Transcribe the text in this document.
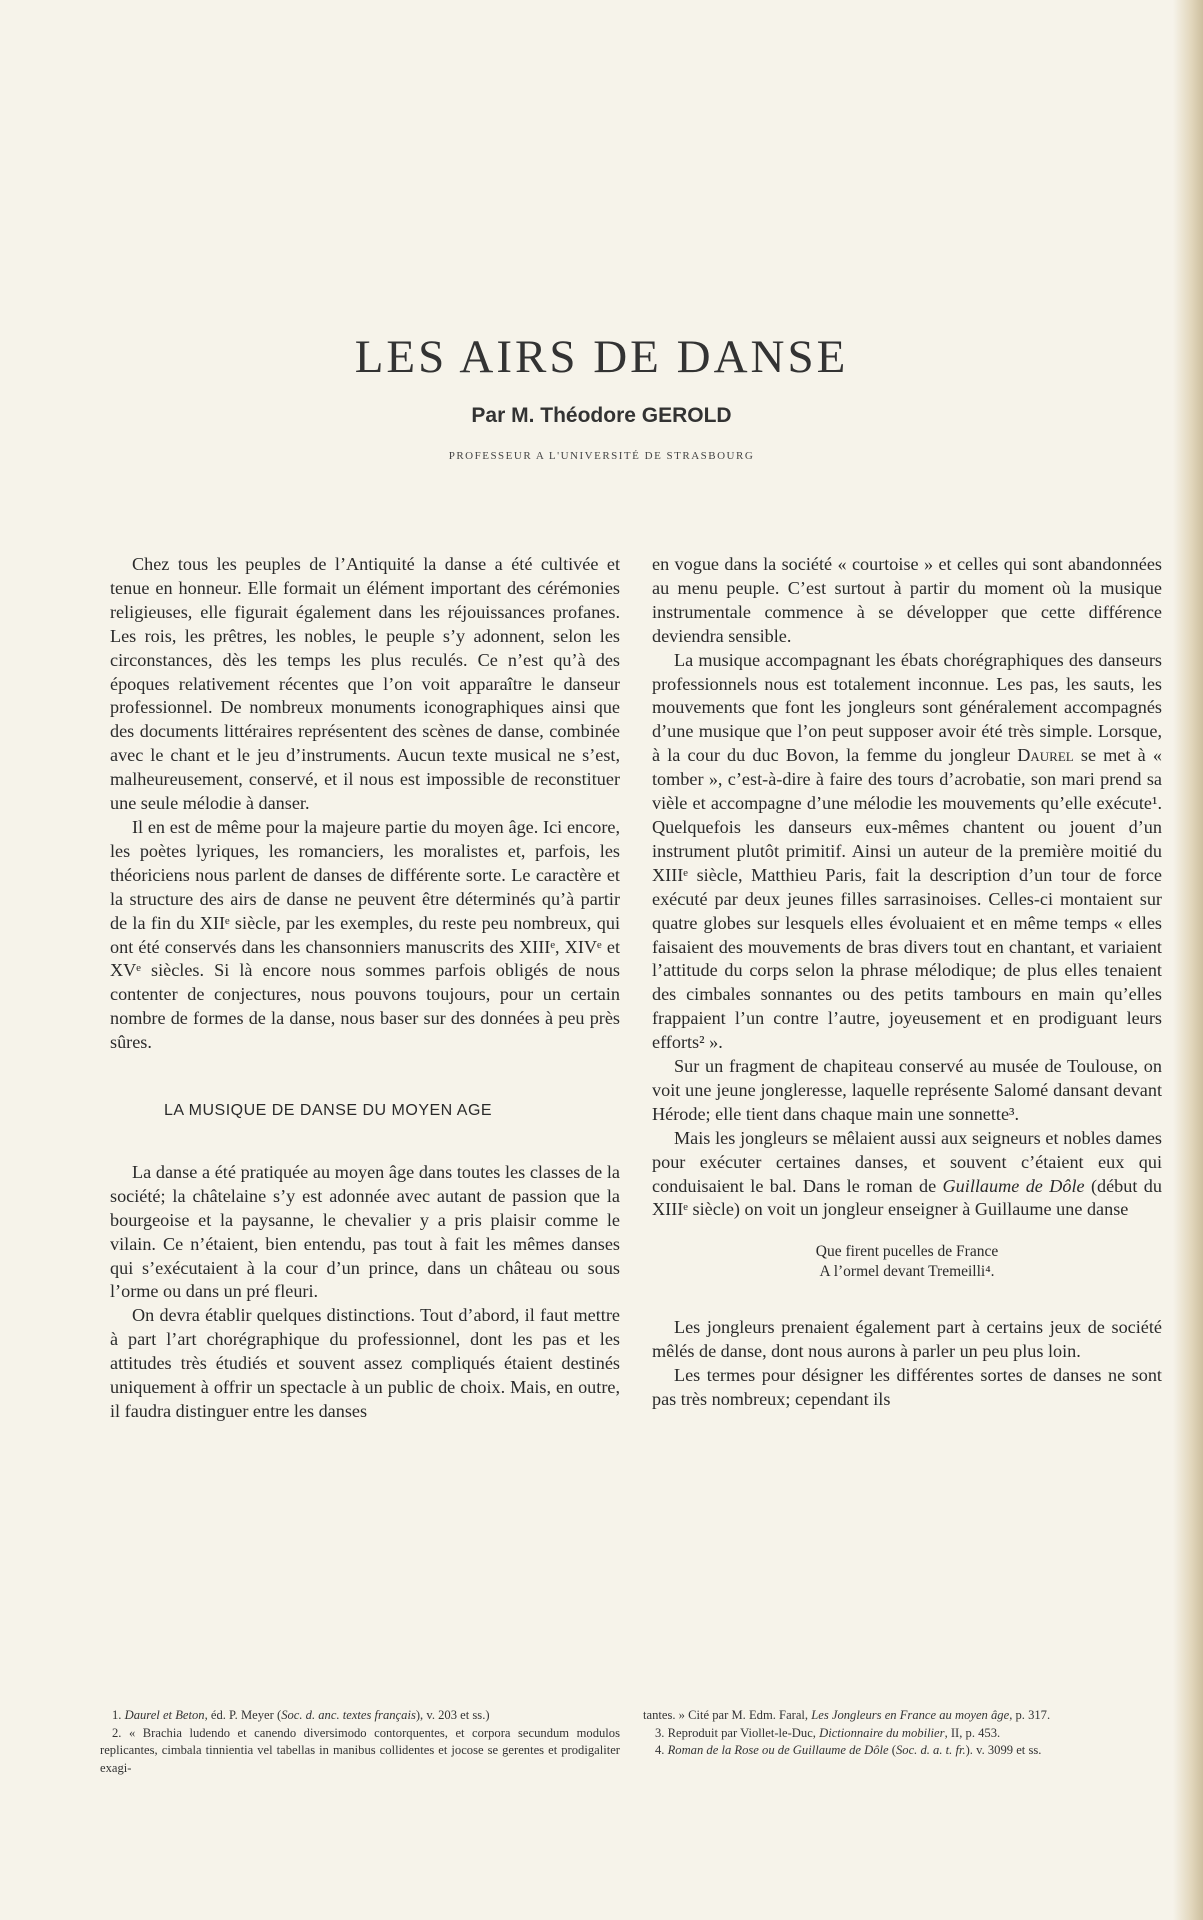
LES AIRS DE DANSE
Par M. Théodore GEROLD
PROFESSEUR A L'UNIVERSITÉ DE STRASBOURG

Chez tous les peuples de l’Antiquité la danse a été cultivée et tenue en honneur. Elle formait un élément important des cérémonies religieuses, elle figurait également dans les réjouissances profanes. Les rois, les prêtres, les nobles, le peuple s’y adonnent, selon les circonstances, dès les temps les plus reculés. Ce n’est qu’à des époques relativement récentes que l’on voit apparaître le danseur professionnel. De nombreux monuments iconographiques ainsi que des documents littéraires représentent des scènes de danse, combinée avec le chant et le jeu d’instruments. Aucun texte musical ne s’est, malheureusement, conservé, et il nous est impossible de reconstituer une seule mélodie à danser.

Il en est de même pour la majeure partie du moyen âge. Ici encore, les poètes lyriques, les romanciers, les moralistes et, parfois, les théoriciens nous parlent de danses de différente sorte. Le caractère et la structure des airs de danse ne peuvent être déterminés qu’à partir de la fin du XIIᵉ siècle, par les exemples, du reste peu nombreux, qui ont été conservés dans les chansonniers manuscrits des XIIIᵉ, XIVᵉ et XVᵉ siècles. Si là encore nous sommes parfois obligés de nous contenter de conjectures, nous pouvons toujours, pour un certain nombre de formes de la danse, nous baser sur des données à peu près sûres.

LA MUSIQUE DE DANSE DU MOYEN AGE

La danse a été pratiquée au moyen âge dans toutes les classes de la société; la châtelaine s’y est adonnée avec autant de passion que la bourgeoise et la paysanne, le chevalier y a pris plaisir comme le vilain. Ce n’étaient, bien entendu, pas tout à fait les mêmes danses qui s’exécutaient à la cour d’un prince, dans un château ou sous l’orme ou dans un pré fleuri.

On devra établir quelques distinctions. Tout d’abord, il faut mettre à part l’art chorégraphique du professionnel, dont les pas et les attitudes très étudiés et souvent assez compliqués étaient destinés uniquement à offrir un spectacle à un public de choix. Mais, en outre, il faudra distinguer entre les danses

en vogue dans la société « courtoise » et celles qui sont abandonnées au menu peuple. C’est surtout à partir du moment où la musique instrumentale commence à se développer que cette différence deviendra sensible.

La musique accompagnant les ébats chorégraphiques des danseurs professionnels nous est totalement inconnue. Les pas, les sauts, les mouvements que font les jongleurs sont généralement accompagnés d’une musique que l’on peut supposer avoir été très simple. Lorsque, à la cour du duc Bovon, la femme du jongleur Daurel se met à « tomber », c’est-à-dire à faire des tours d’acrobatie, son mari prend sa vièle et accompagne d’une mélodie les mouvements qu’elle exécute¹. Quelquefois les danseurs eux-mêmes chantent ou jouent d’un instrument plutôt primitif. Ainsi un auteur de la première moitié du XIIIᵉ siècle, Matthieu Paris, fait la description d’un tour de force exécuté par deux jeunes filles sarrasinoises. Celles-ci montaient sur quatre globes sur lesquels elles évoluaient et en même temps « elles faisaient des mouvements de bras divers tout en chantant, et variaient l’attitude du corps selon la phrase mélodique; de plus elles tenaient des cimbales sonnantes ou des petits tambours en main qu’elles frappaient l’un contre l’autre, joyeusement et en prodiguant leurs efforts² ».

Sur un fragment de chapiteau conservé au musée de Toulouse, on voit une jeune jongleresse, laquelle représente Salomé dansant devant Hérode; elle tient dans chaque main une sonnette³.

Mais les jongleurs se mêlaient aussi aux seigneurs et nobles dames pour exécuter certaines danses, et souvent c’étaient eux qui conduisaient le bal. Dans le roman de Guillaume de Dôle (début du XIIIᵉ siècle) on voit un jongleur enseigner à Guillaume une danse

Que firent pucelles de France
A l’ormel devant Tremeilli⁴.

Les jongleurs prenaient également part à certains jeux de société mêlés de danse, dont nous aurons à parler un peu plus loin.

Les termes pour désigner les différentes sortes de danses ne sont pas très nombreux; cependant ils

1. Daurel et Beton, éd. P. Meyer (Soc. d. anc. textes français), v. 203 et ss.)

2. « Brachia ludendo et canendo diversimodo contorquentes, et corpora secundum modulos replicantes, cimbala tinnientia vel tabellas in manibus collidentes et jocose se gerentes et prodigaliter exagi-

tantes. » Cité par M. Edm. Faral, Les Jongleurs en France au moyen âge, p. 317.

3. Reproduit par Viollet-le-Duc, Dictionnaire du mobilier, II, p. 453.

4. Roman de la Rose ou de Guillaume de Dôle (Soc. d. a. t. fr.). v. 3099 et ss.
